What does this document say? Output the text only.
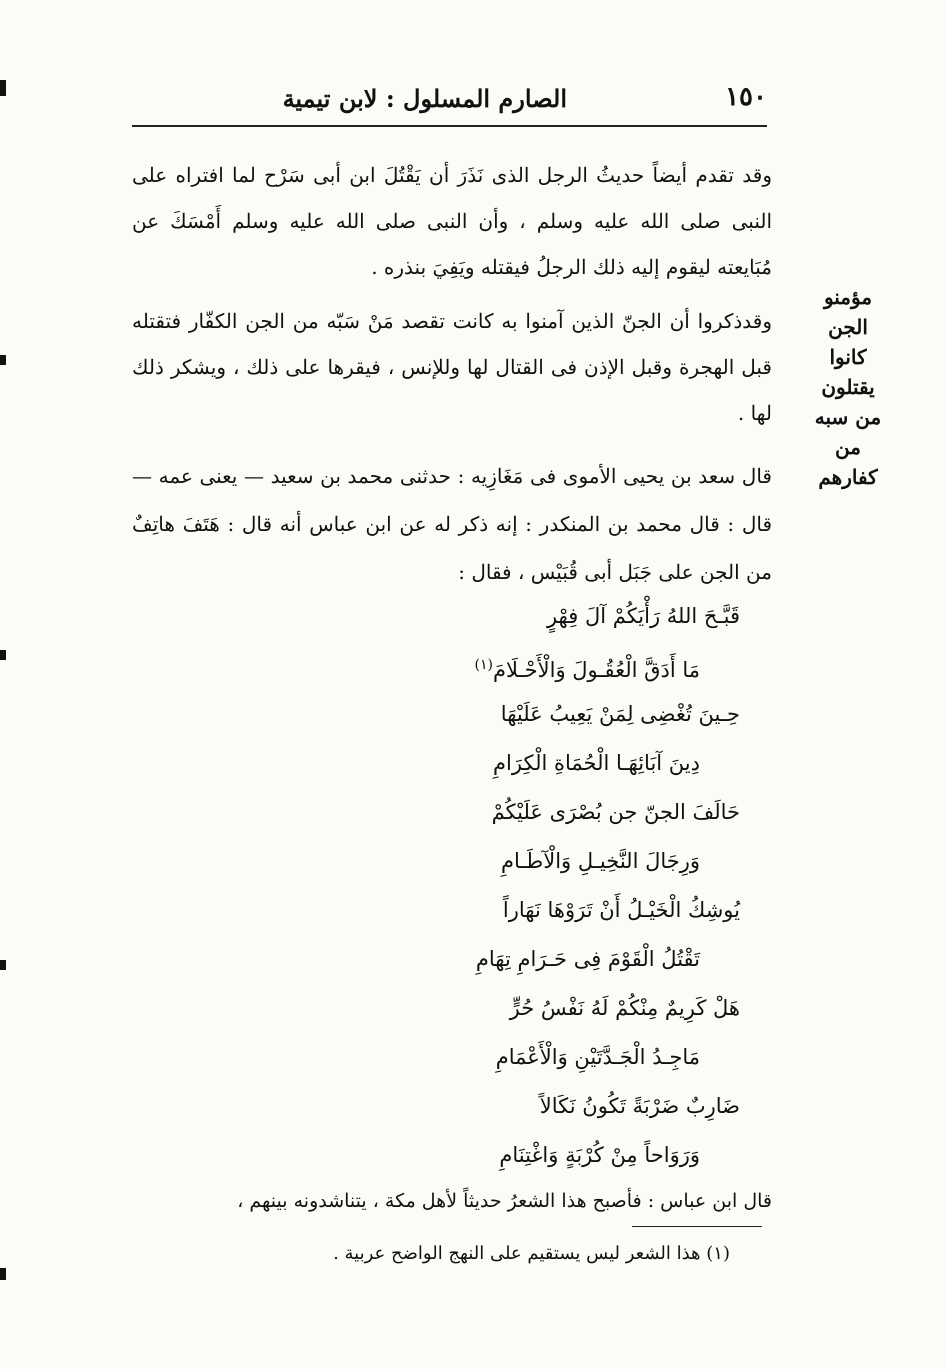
١٥٠
الصارم المسلول : لابن تيمية
مؤمنو الجن
كانوا يقتلون
من سبه من
كفارهم
وقد تقدم أيضاً حديثُ الرجل الذى نَذَرَ أن يَقْتُلَ ابن أبى سَرْح لما افتراه على النبى صلى الله عليه وسلم ، وأن النبى صلى الله عليه وسلم أَمْسَكَ عن مُبَايعته ليقوم إليه ذلك الرجلُ فيقتله ويَفِيَ بنذره .
وقدذكروا أن الجنّ الذين آمنوا به كانت تقصد مَنْ سَبّه من الجن الكفّار فتقتله قبل الهجرة وقبل الإذن فى القتال لها وللإنس ، فيقرها على ذلك ، ويشكر ذلك لها .
قال سعد بن يحيى الأموى فى مَغَازِيه : حدثنى محمد بن سعيد — يعنى عمه — قال : قال محمد بن المنكدر : إنه ذكر له عن ابن عباس أنه قال : هَتَفَ هاتِفٌ من الجن على جَبَل أبى قُبَيْس ، فقال :
قَبَّـحَ اللهُ رَأْيَكُمْ آلَ فِهْرٍ
مَا أَدَقَّ الْعُقُـولَ وَالْأَحْـلَامَ$^{(١)}$
حِـينَ تُغْضِى لِمَنْ يَعِيبُ عَلَيْهَا
دِينَ آبَائِهَـا الْحُمَاةِ الْكِرَامِ
حَالَفَ الجنّ جن بُصْرَى عَلَيْكُمْ
وَرِجَالَ النَّخِيـلِ وَالْآطَـامِ
يُوشِكُ الْخَيْـلُ أَنْ تَرَوْهَا نَهَاراً
تَقْتُلُ الْقَوْمَ فِى حَـرَامِ تِهَامِ
هَلْ كَرِيمٌ مِنْكُمْ لَهُ نَفْسُ حُرٍّ
مَاجِـدُ الْجَـدَّتَيْنِ وَالْأَعْمَامِ
ضَارِبٌ ضَرْبَةً تَكُونُ نَكَالاً
وَرَوَاحاً مِنْ كُرْبَةٍ وَاغْتِنَامِ
قال ابن عباس : فأصبح هذا الشعرُ حديثاً لأهل مكة ، يتناشدونه بينهم ،
(١) هذا الشعر ليس يستقيم على النهج الواضح عربية .
